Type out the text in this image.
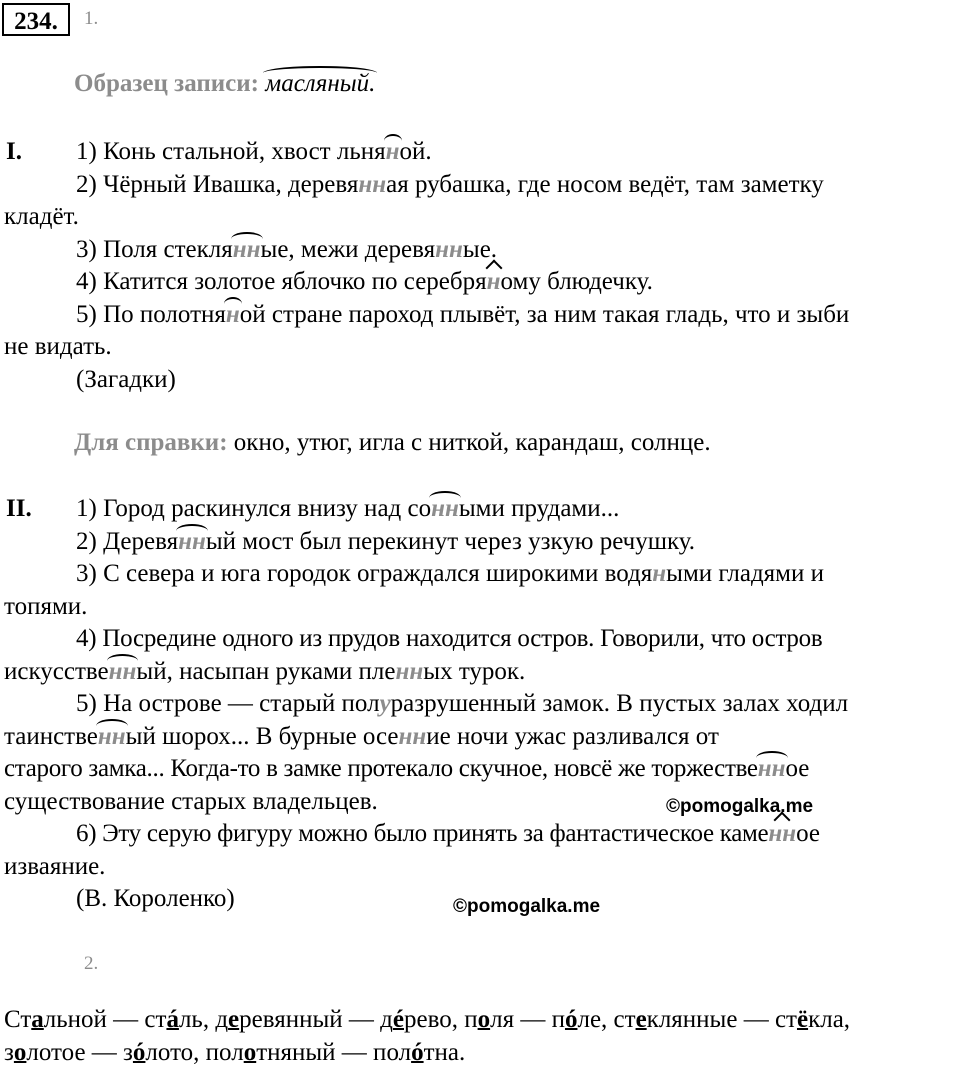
234.	1.
Образец записи: масляный.
I.	1) Конь стальной, хвост льняной.
2) Чёрный Ивашка, деревянная рубашка, где носом ведёт, там заметку
кладёт.
3) Поля стеклянные, межи деревянные.
4) Катится золотое яблочко по серебряному блюдечку.
5) По полотняной стране пароход плывёт, за ним такая гладь, что и зыби
не видать.
(Загадки)
Для справки: окно, утюг, игла с ниткой, карандаш, солнце.
II.	1) Город раскинулся внизу над сонными прудами...
2) Деревянный мост был перекинут через узкую речушку.
3) С севера и юга городок ограждался широкими водяными гладями и
топями.
4) Посредине одного из прудов находится остров. Говорили, что остров
искусственный, насыпан руками пленных турок.
5) На острове — старый полуразрушенный замок. В пустых залах ходил
таинственный шорох... В бурные осенние ночи ужас разливался от
старого замка... Когда-то в замке протекало скучное, новсё же торжественное
существование старых владельцев.
6) Эту серую фигуру можно было принять за фантастическое каменное
изваяние.
(В. Короленко)
©pomogalka.me
©pomogalka.me
2.
Стальной — стáль, деревянный — дéрево, поля — пóле, стеклянные — стёкла,
золотое — зóлото, полотняный — полóтна.
